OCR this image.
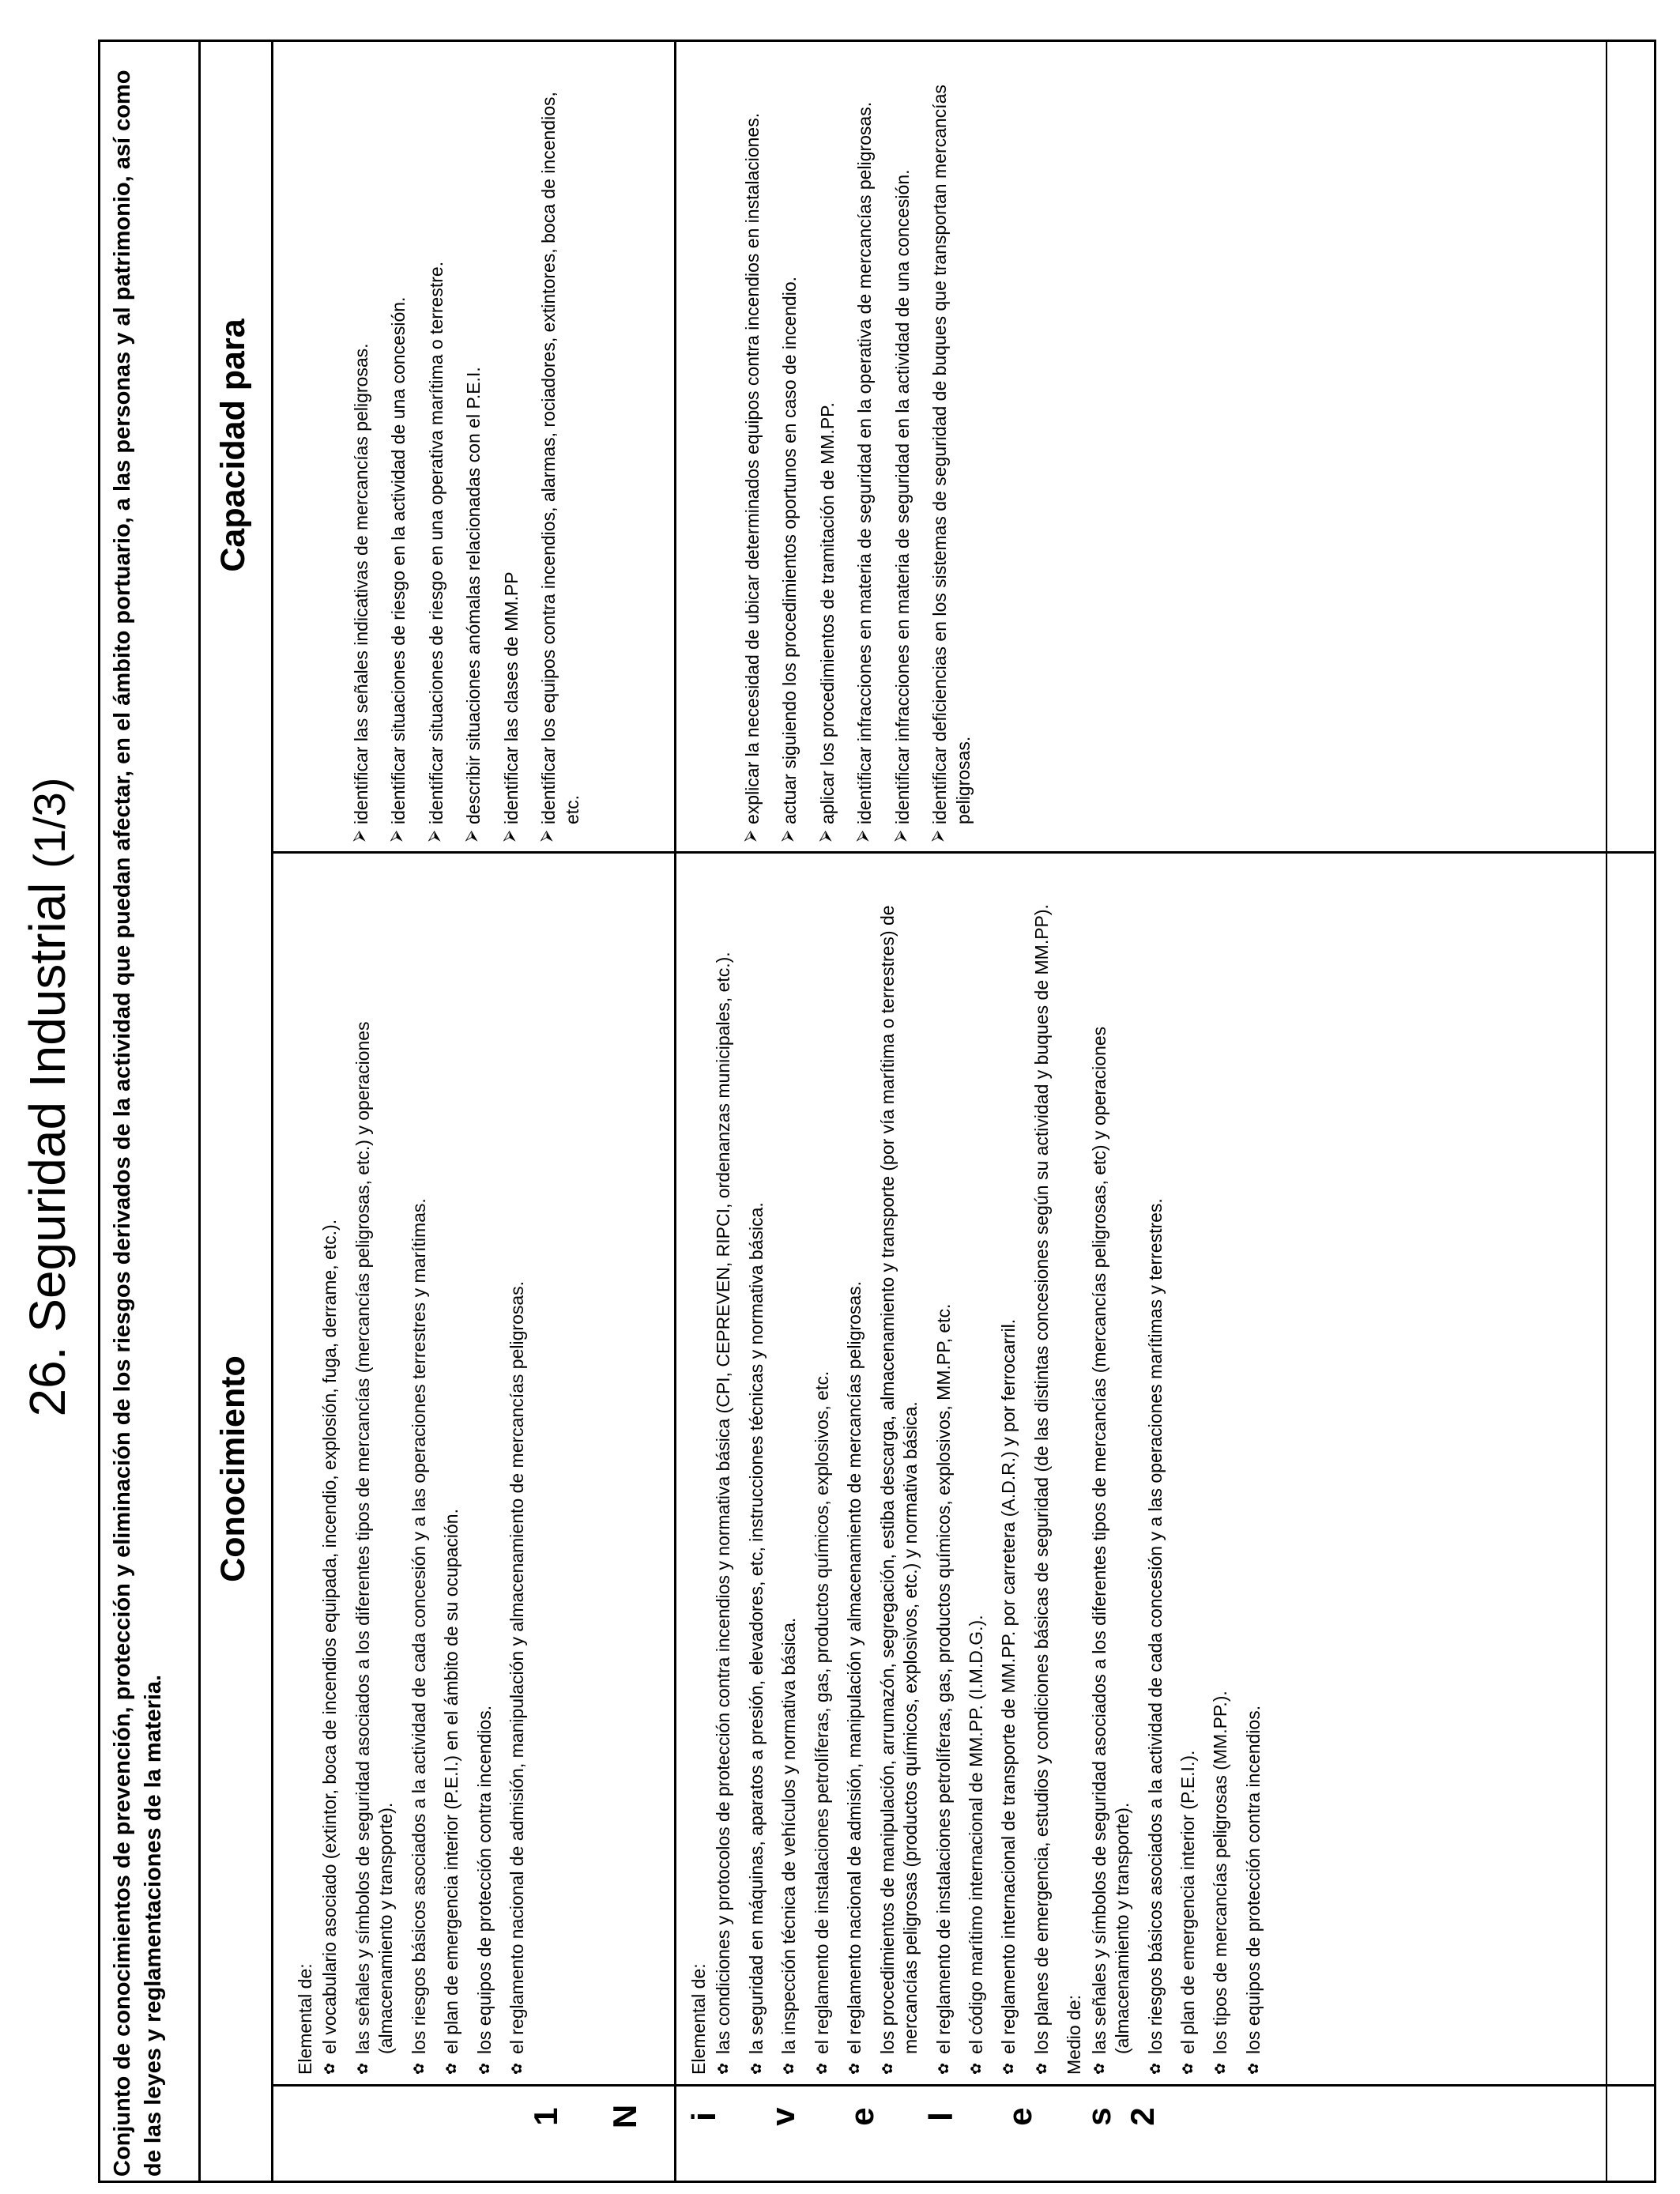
26. Seguridad Industrial (1/3)	Conjunto de conocimientos de prevención, protección y eliminación de los riesgos derivados de la actividad que puedan afectar, en el ámbito portuario, a las personas y al patrimonio, así como de las leyes y reglamentaciones de la materia.
Conocimiento
Capacidad para
1	2
N i v e l e s
Elemental de: ✿ el vocabulario asociado (extintor, boca de incendios equipada, incendio, explosión, fuga, derrame, etc.). ✿ las señales y símbolos de seguridad asociados a los diferentes tipos de mercancías (mercancías peligrosas, etc.) y operaciones (almacenamiento y transporte). ✿ los riesgos básicos asociados a la actividad de cada concesión y a las operaciones terrestres y marítimas. ✿ el plan de emergencia interior (P.E.I.) en el ámbito de su ocupación. ✿ los equipos de protección contra incendios. ✿ el reglamento nacional de admisión, manipulación y almacenamiento de mercancías peligrosas.
⮚ identificar las señales indicativas de mercancías peligrosas. ⮚ identificar situaciones de riesgo en la actividad de una concesión. ⮚ identificar situaciones de riesgo en una operativa marítima o terrestre. ⮚ describir situaciones anómalas relacionadas con el P.E.I. ⮚ identificar las clases de MM.PP ⮚ identificar los equipos contra incendios, alarmas, rociadores, extintores, boca de incendios, etc.
Elemental de: ✿ las condiciones y protocolos de protección contra incendios y normativa básica (CPI, CEPREVEN, RIPCI, ordenanzas municipales, etc.). ✿ la seguridad en máquinas, aparatos a presión, elevadores, etc, instrucciones técnicas y normativa básica. ✿ la inspección técnica de vehículos y normativa básica. ✿ el reglamento de instalaciones petrolíferas, gas, productos químicos, explosivos, etc. ✿ el reglamento nacional de admisión, manipulación y almacenamiento de mercancías peligrosas. ✿ los procedimientos de manipulación, arrumazón, segregación, estiba descarga, almacenamiento y transporte (por vía marítima o terrestres) de mercancías peligrosas (productos químicos, explosivos, etc.) y normativa básica. ✿ el reglamento de instalaciones petrolíferas, gas, productos químicos, explosivos, MM.PP, etc. ✿ el código marítimo internacional de MM.PP. (I.M.D.G.). ✿ el reglamento internacional de transporte de MM.PP. por carretera (A.D.R.) y por ferrocarril. ✿ los planes de emergencia, estudios y condiciones básicas de seguridad (de las distintas concesiones según su actividad y buques de MM.PP). Medio de: ✿ las señales y símbolos de seguridad asociados a los diferentes tipos de mercancías (mercancías peligrosas, etc) y operaciones (almacenamiento y transporte). ✿ los riesgos básicos asociados a la actividad de cada concesión y a las operaciones marítimas y terrestres. ✿ el plan de emergencia interior (P.E.I.). ✿ los tipos de mercancías peligrosas (MM.PP.). ✿ los equipos de protección contra incendios.
⮚ explicar la necesidad de ubicar determinados equipos contra incendios en instalaciones. ⮚ actuar siguiendo los procedimientos oportunos en caso de incendio. ⮚ aplicar los procedimientos de tramitación de MM.PP. ⮚ identificar infracciones en materia de seguridad en la operativa de mercancías peligrosas. ⮚ identificar infracciones en materia de seguridad en la actividad de una concesión. ⮚ identificar deficiencias en los sistemas de seguridad de buques que transportan mercancías peligrosas.
